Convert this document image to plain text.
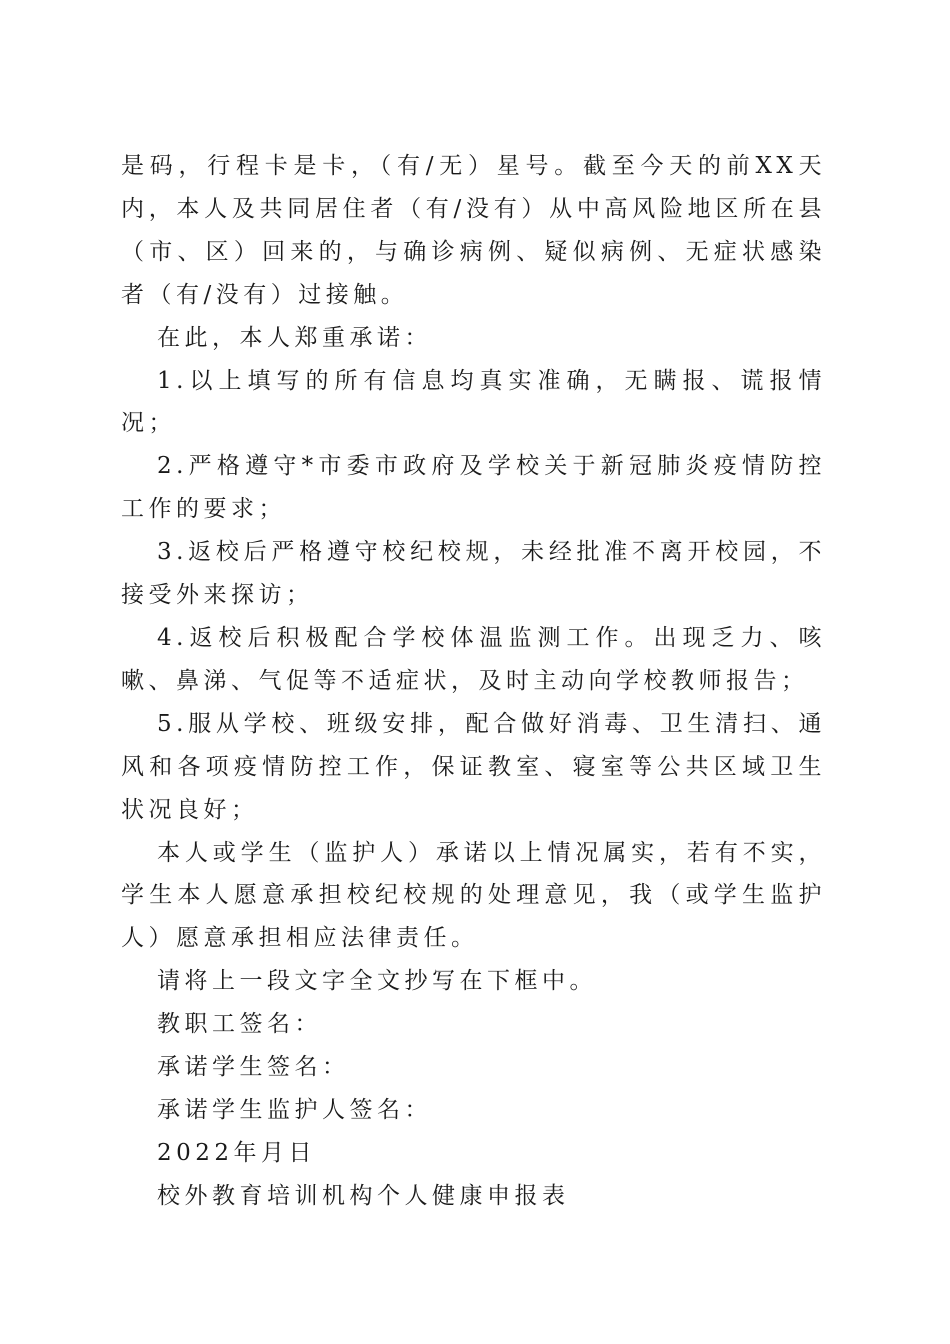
是码，行程卡是卡，（有/无）星号。截至今天的前XX天内，本人及共同居住者（有/没有）从中高风险地区所在县（市、区）回来的，与确诊病例、疑似病例、无症状感染者（有/没有）过接触。

在此，本人郑重承诺：

1.以上填写的所有信息均真实准确，无瞒报、谎报情况；

2.严格遵守*市委市政府及学校关于新冠肺炎疫情防控工作的要求；

3.返校后严格遵守校纪校规，未经批准不离开校园，不接受外来探访；

4.返校后积极配合学校体温监测工作。出现乏力、咳嗽、鼻涕、气促等不适症状，及时主动向学校教师报告；

5.服从学校、班级安排，配合做好消毒、卫生清扫、通风和各项疫情防控工作，保证教室、寝室等公共区域卫生状况良好；

本人或学生（监护人）承诺以上情况属实，若有不实，学生本人愿意承担校纪校规的处理意见，我（或学生监护人）愿意承担相应法律责任。

请将上一段文字全文抄写在下框中。

教职工签名：

承诺学生签名：

承诺学生监护人签名：

2022年月日

校外教育培训机构个人健康申报表
